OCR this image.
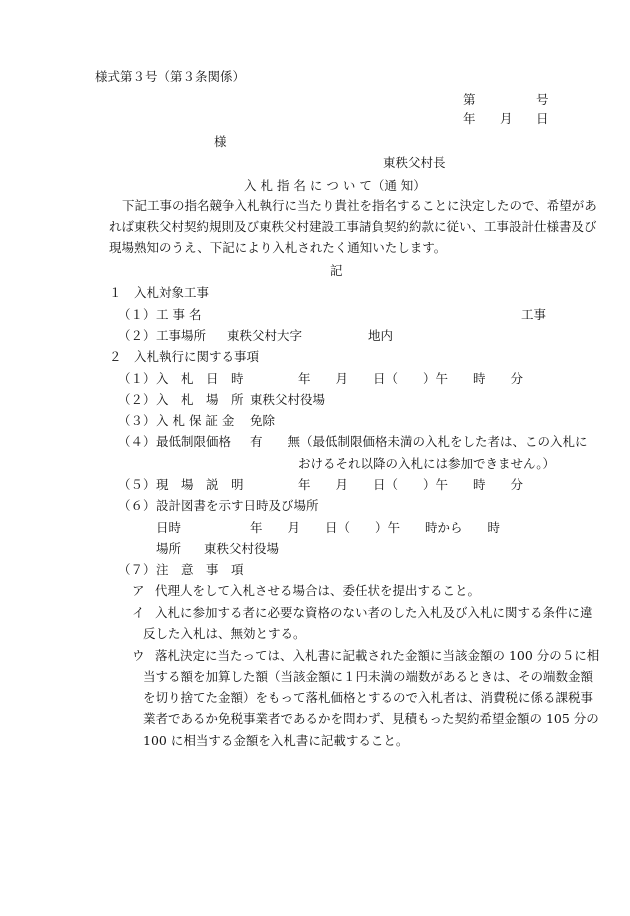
様式第３号（第３条関係）
第	号
年 月 日
様
東秩父村長
入 札 指 名 に つ い て（通 知）
下記工事の指名競争入札執行に当たり貴社を指名することに決定したので、希望があ
れば東秩父村契約規則及び東秩父村建設工事請負契約約款に従い、工事設計仕様書及び
現場熟知のうえ、下記により入札されたく通知いたします。
記
１　入札対象工事
（１） 工 事 名	工事
（２） 工事場所 東秩父村大字	地内
２　入札執行に関する事項
（１） 入　札　日　時	年　　月　　日（　　）午　　時　　分
（２） 入　札　場　所 東秩父村役場
（３） 入 札 保 証 金 免除
（４） 最低制限価格 有　　無（最低制限価格未満の入札をした者は、この入札に
おけるそれ以降の入札には参加できません。）
（５） 現　場　説　明	年　　月　　日（　　）午　　時　　分
（６） 設計図書を示す日時及び場所
日時	年　　月　　日（　　）午　　時から　　時
場所 東秩父村役場
（７） 注　意　事　項
ア 代理人をして入札させる場合は、委任状を提出すること。
イ 入札に参加する者に必要な資格のない者のした入札及び入札に関する条件に違
反した入札は、無効とする。
ウ 落札決定に当たっては、入札書に記載された金額に当該金額の 100 分の５に相
当する額を加算した額（当該金額に１円未満の端数があるときは、その端数金額
を切り捨てた金額）をもって落札価格とするので入札者は、消費税に係る課税事
業者であるか免税事業者であるかを問わず、見積もった契約希望金額の 105 分の
100 に相当する金額を入札書に記載すること。
